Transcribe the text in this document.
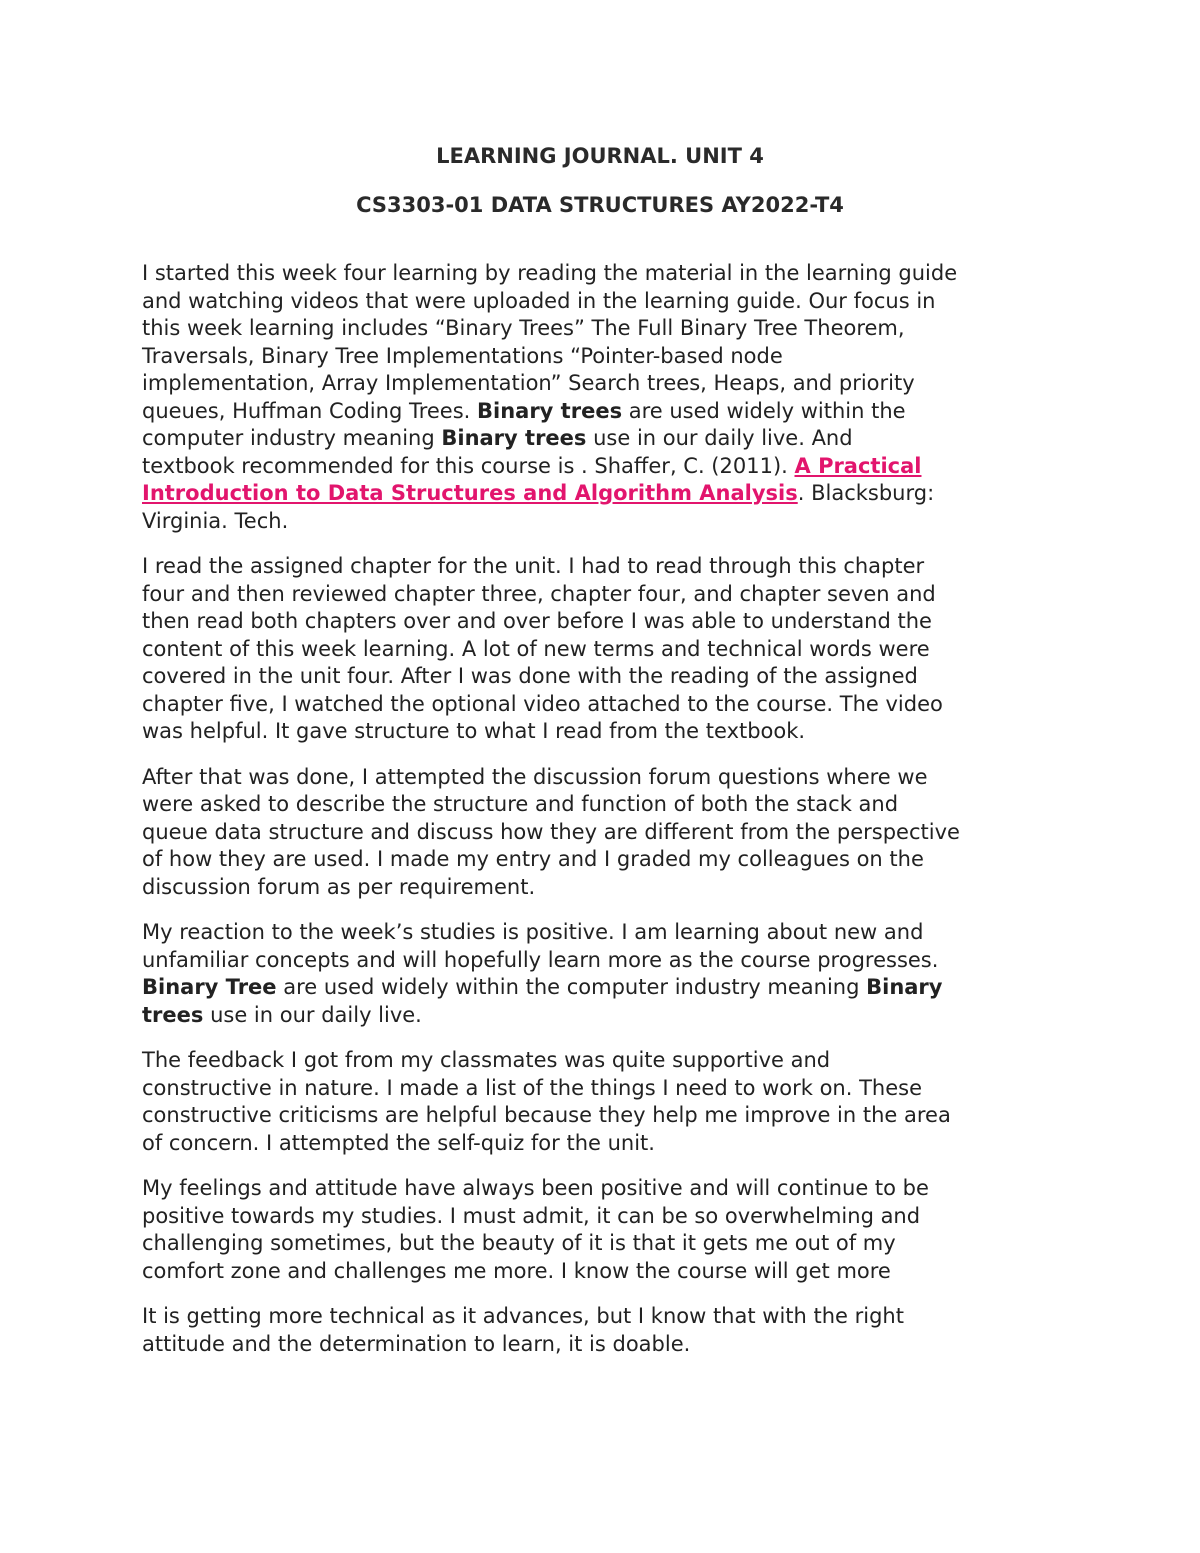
LEARNING JOURNAL. UNIT 4
CS3303-01 DATA STRUCTURES AY2022-T4

I started this week four learning by reading the material in the learning guide
and watching videos that were uploaded in the learning guide. Our focus in
this week learning includes “Binary Trees” The Full Binary Tree Theorem,
Traversals, Binary Tree Implementations “Pointer-based node
implementation, Array Implementation” Search trees, Heaps, and priority
queues, Huffman Coding Trees. Binary trees are used widely within the
computer industry meaning Binary trees use in our daily live. And
textbook recommended for this course is . Shaffer, C. (2011). A Practical
Introduction to Data Structures and Algorithm Analysis. Blacksburg:
Virginia. Tech.

I read the assigned chapter for the unit. I had to read through this chapter
four and then reviewed chapter three, chapter four, and chapter seven and
then read both chapters over and over before I was able to understand the
content of this week learning. A lot of new terms and technical words were
covered in the unit four. After I was done with the reading of the assigned
chapter five, I watched the optional video attached to the course. The video
was helpful. It gave structure to what I read from the textbook.

After that was done, I attempted the discussion forum questions where we
were asked to describe the structure and function of both the stack and
queue data structure and discuss how they are different from the perspective
of how they are used. I made my entry and I graded my colleagues on the
discussion forum as per requirement.

My reaction to the week’s studies is positive. I am learning about new and
unfamiliar concepts and will hopefully learn more as the course progresses.
Binary Tree are used widely within the computer industry meaning Binary
trees use in our daily live.

The feedback I got from my classmates was quite supportive and
constructive in nature. I made a list of the things I need to work on. These
constructive criticisms are helpful because they help me improve in the area
of concern. I attempted the self-quiz for the unit.

My feelings and attitude have always been positive and will continue to be
positive towards my studies. I must admit, it can be so overwhelming and
challenging sometimes, but the beauty of it is that it gets me out of my
comfort zone and challenges me more. I know the course will get more

It is getting more technical as it advances, but I know that with the right
attitude and the determination to learn, it is doable.
